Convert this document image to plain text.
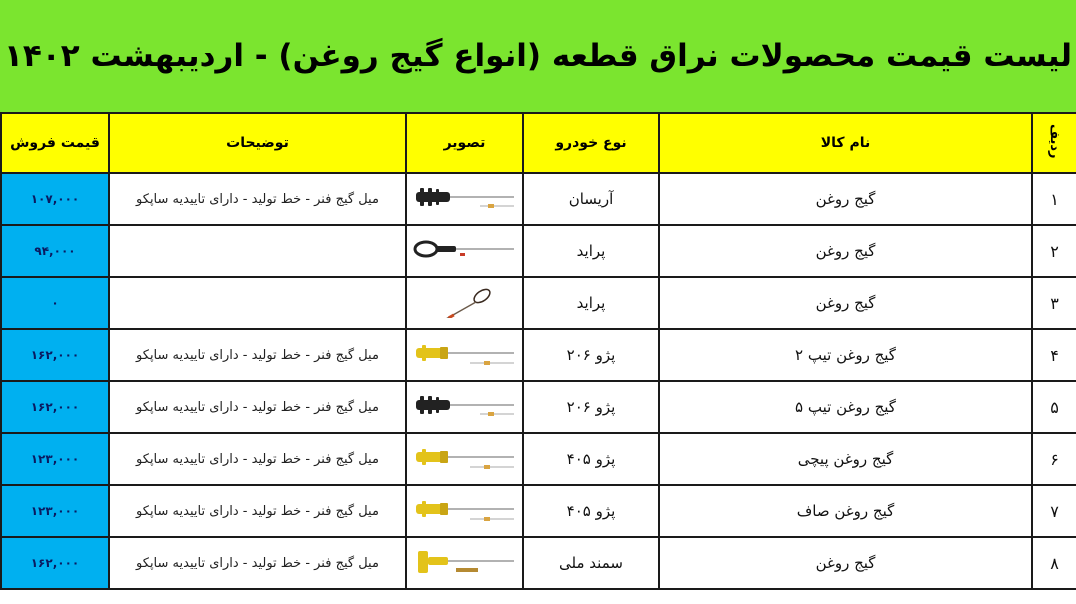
لیست قیمت محصولات نراق قطعه (انواع گیج روغن) - اردیبهشت ۱۴۰۲
ردیف	نام کالا	نوع خودرو	تصویر	توضیحات	قیمت فروش
۱	گیج روغن	آریسان		میل گیج فنر - خط تولید - دارای تاییدیه ساپکو	۱۰۷,۰۰۰
۲	گیج روغن	پراید			۹۴,۰۰۰
۳	گیج روغن	پراید			۰
۴	گیج روغن تیپ ۲	پژو ۲۰۶		میل گیج فنر - خط تولید - دارای تاییدیه ساپکو	۱۶۲,۰۰۰
۵	گیج روغن تیپ ۵	پژو ۲۰۶		میل گیج فنر - خط تولید - دارای تاییدیه ساپکو	۱۶۲,۰۰۰
۶	گیج روغن پیچی	پژو ۴۰۵		میل گیج فنر - خط تولید - دارای تاییدیه ساپکو	۱۲۳,۰۰۰
۷	گیج روغن صاف	پژو ۴۰۵		میل گیج فنر - خط تولید - دارای تاییدیه ساپکو	۱۲۳,۰۰۰
۸	گیج روغن	سمند ملی		میل گیج فنر - خط تولید - دارای تاییدیه ساپکو	۱۶۲,۰۰۰
